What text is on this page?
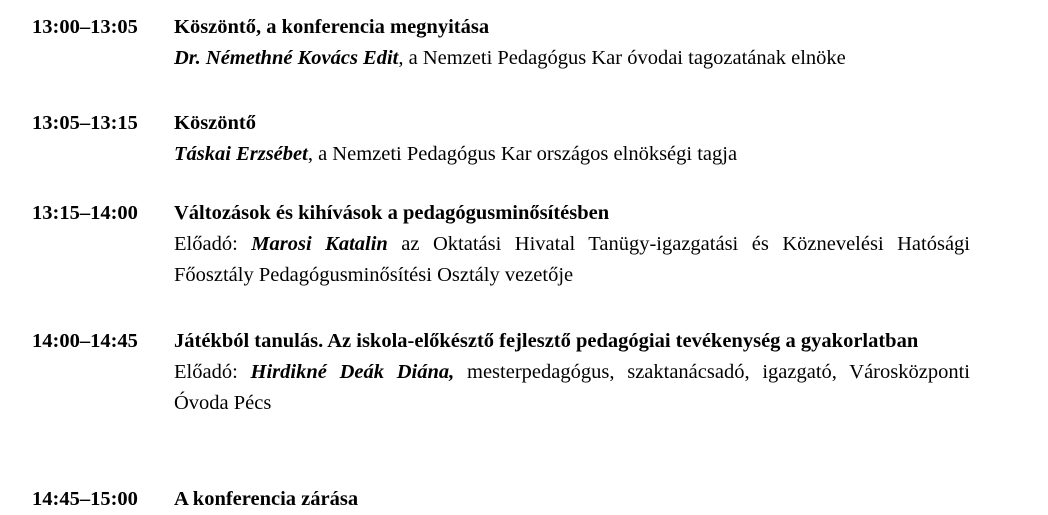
13:00–13:05	Köszöntő, a konferencia megnyitása
Dr. Némethné Kovács Edit, a Nemzeti Pedagógus Kar óvodai tagozatának elnöke
13:05–13:15	Köszöntő
Táskai Erzsébet, a Nemzeti Pedagógus Kar országos elnökségi tagja
13:15–14:00	Változások és kihívások a pedagógusminősítésben
Előadó: Marosi Katalin az Oktatási Hivatal Tanügy-igazgatási és Köznevelési Hatósági Főosztály Pedagógusminősítési Osztály vezetője
14:00–14:45	Játékból tanulás. Az iskola-előkésztő fejlesztő pedagógiai tevékenység a gyakorlatban
Előadó: Hirdikné Deák Diána, mesterpedagógus, szaktanácsadó, igazgató, Városközponti Óvoda Pécs
14:45–15:00	A konferencia zárása
